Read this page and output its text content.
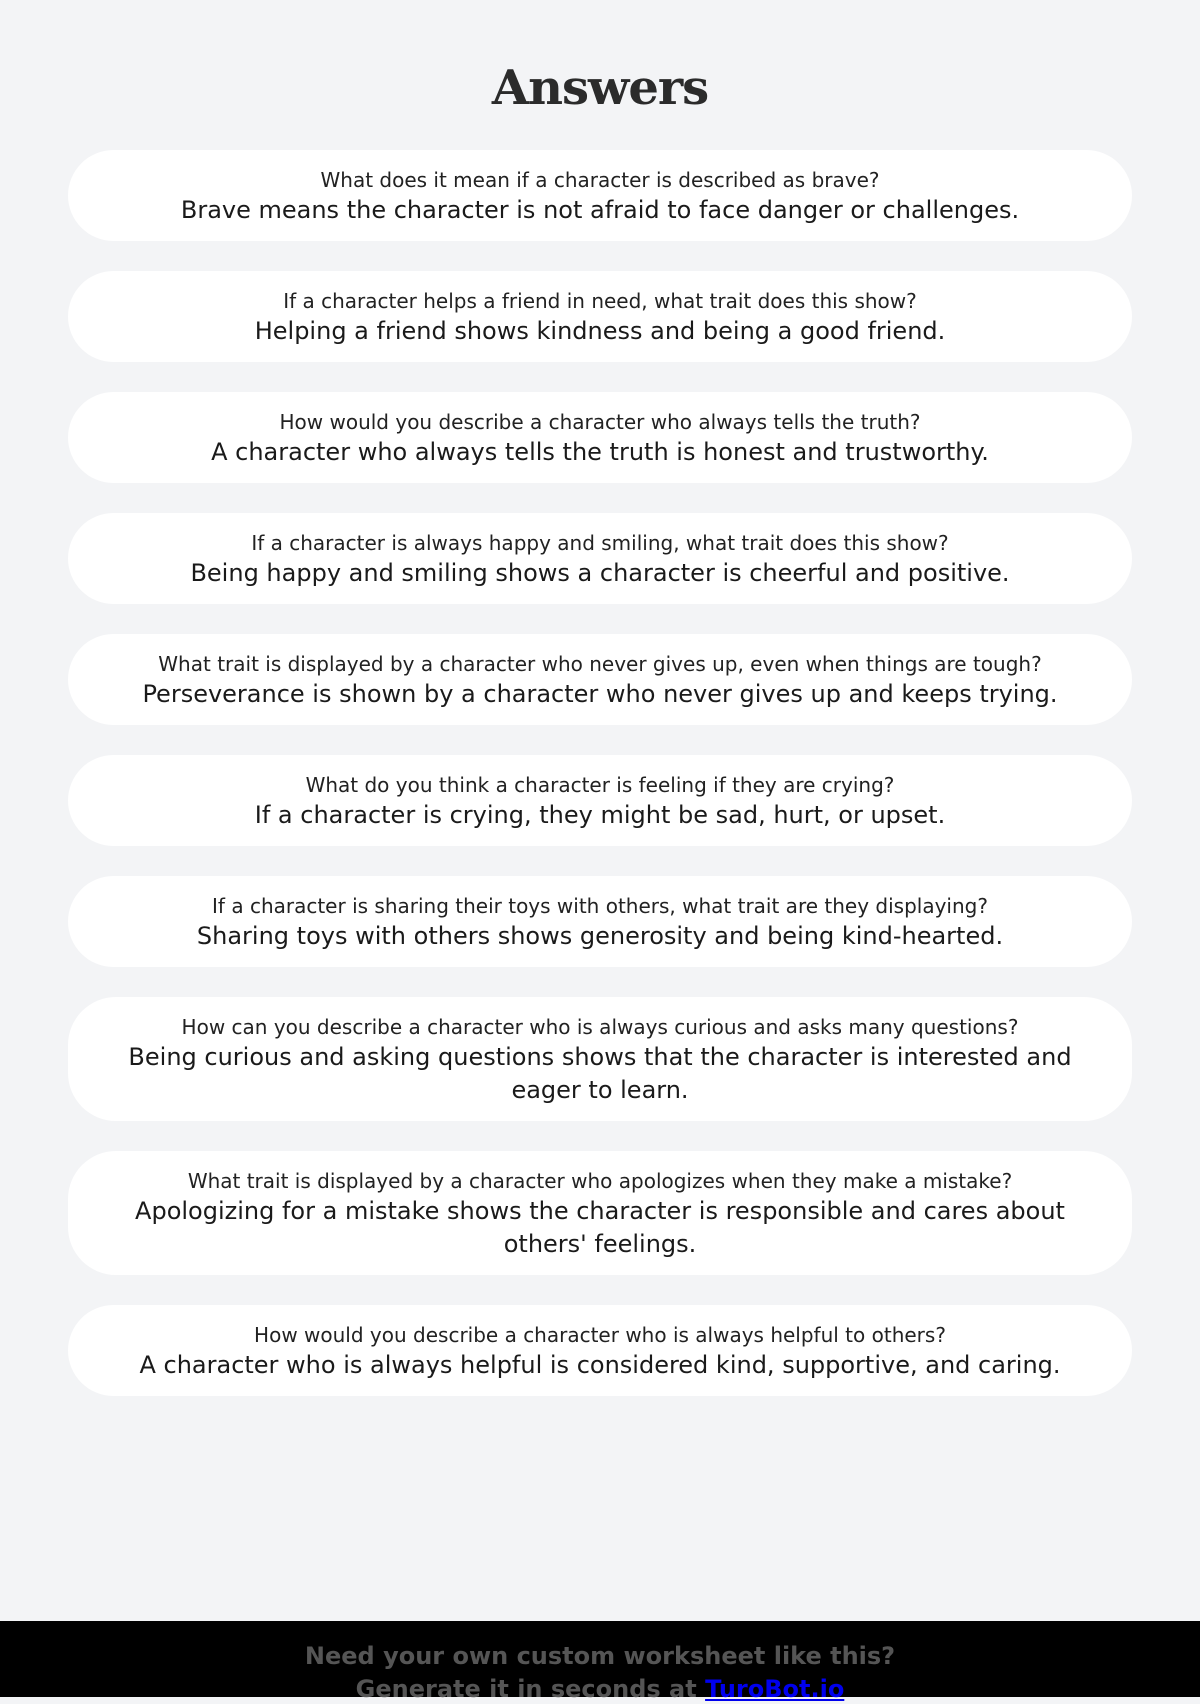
Answers
What does it mean if a character is described as brave?
Brave means the character is not afraid to face danger or challenges.
If a character helps a friend in need, what trait does this show?
Helping a friend shows kindness and being a good friend.
How would you describe a character who always tells the truth?
A character who always tells the truth is honest and trustworthy.
If a character is always happy and smiling, what trait does this show?
Being happy and smiling shows a character is cheerful and positive.
What trait is displayed by a character who never gives up, even when things are tough?
Perseverance is shown by a character who never gives up and keeps trying.
What do you think a character is feeling if they are crying?
If a character is crying, they might be sad, hurt, or upset.
If a character is sharing their toys with others, what trait are they displaying?
Sharing toys with others shows generosity and being kind-hearted.
How can you describe a character who is always curious and asks many questions?
Being curious and asking questions shows that the character is interested and eager to learn.
What trait is displayed by a character who apologizes when they make a mistake?
Apologizing for a mistake shows the character is responsible and cares about others' feelings.
How would you describe a character who is always helpful to others?
A character who is always helpful is considered kind, supportive, and caring.
Need your own custom worksheet like this?
Generate it in seconds at TuroBot.io
